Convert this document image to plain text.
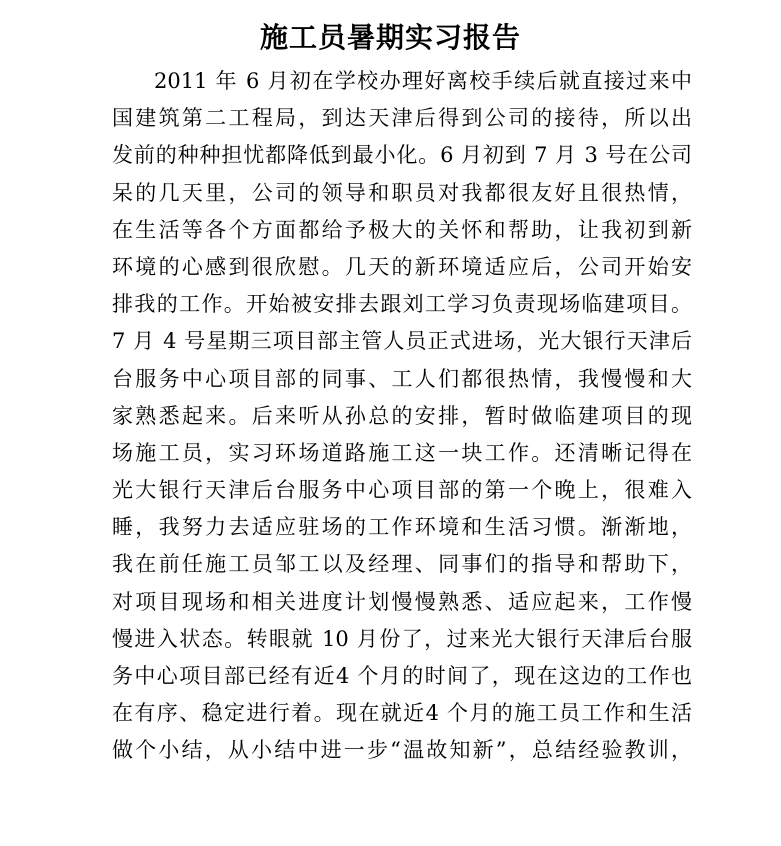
施工员暑期实习报告
2011 年 6 月初在学校办理好离校手续后就直接过来中
国建筑第二工程局，到达天津后得到公司的接待，所以出
发前的种种担忧都降低到最小化。6 月初到 7 月 3 号在公司
呆的几天里，公司的领导和职员对我都很友好且很热情，
在生活等各个方面都给予极大的关怀和帮助，让我初到新
环境的心感到很欣慰。几天的新环境适应后，公司开始安
排我的工作。开始被安排去跟刘工学习负责现场临建项目。
7 月 4 号星期三项目部主管人员正式进场，光大银行天津后
台服务中心项目部的同事、工人们都很热情，我慢慢和大
家熟悉起来。后来听从孙总的安排，暂时做临建项目的现
场施工员，实习环场道路施工这一块工作。还清晰记得在
光大银行天津后台服务中心项目部的第一个晚上，很难入
睡，我努力去适应驻场的工作环境和生活习惯。渐渐地，
我在前任施工员邹工以及经理、同事们的指导和帮助下，
对项目现场和相关进度计划慢慢熟悉、适应起来，工作慢
慢进入状态。转眼就 10 月份了，过来光大银行天津后台服
务中心项目部已经有近4 个月的时间了，现在这边的工作也
在有序、稳定进行着。现在就近4 个月的施工员工作和生活
做个小结，从小结中进一步“温故知新”，总结经验教训，
